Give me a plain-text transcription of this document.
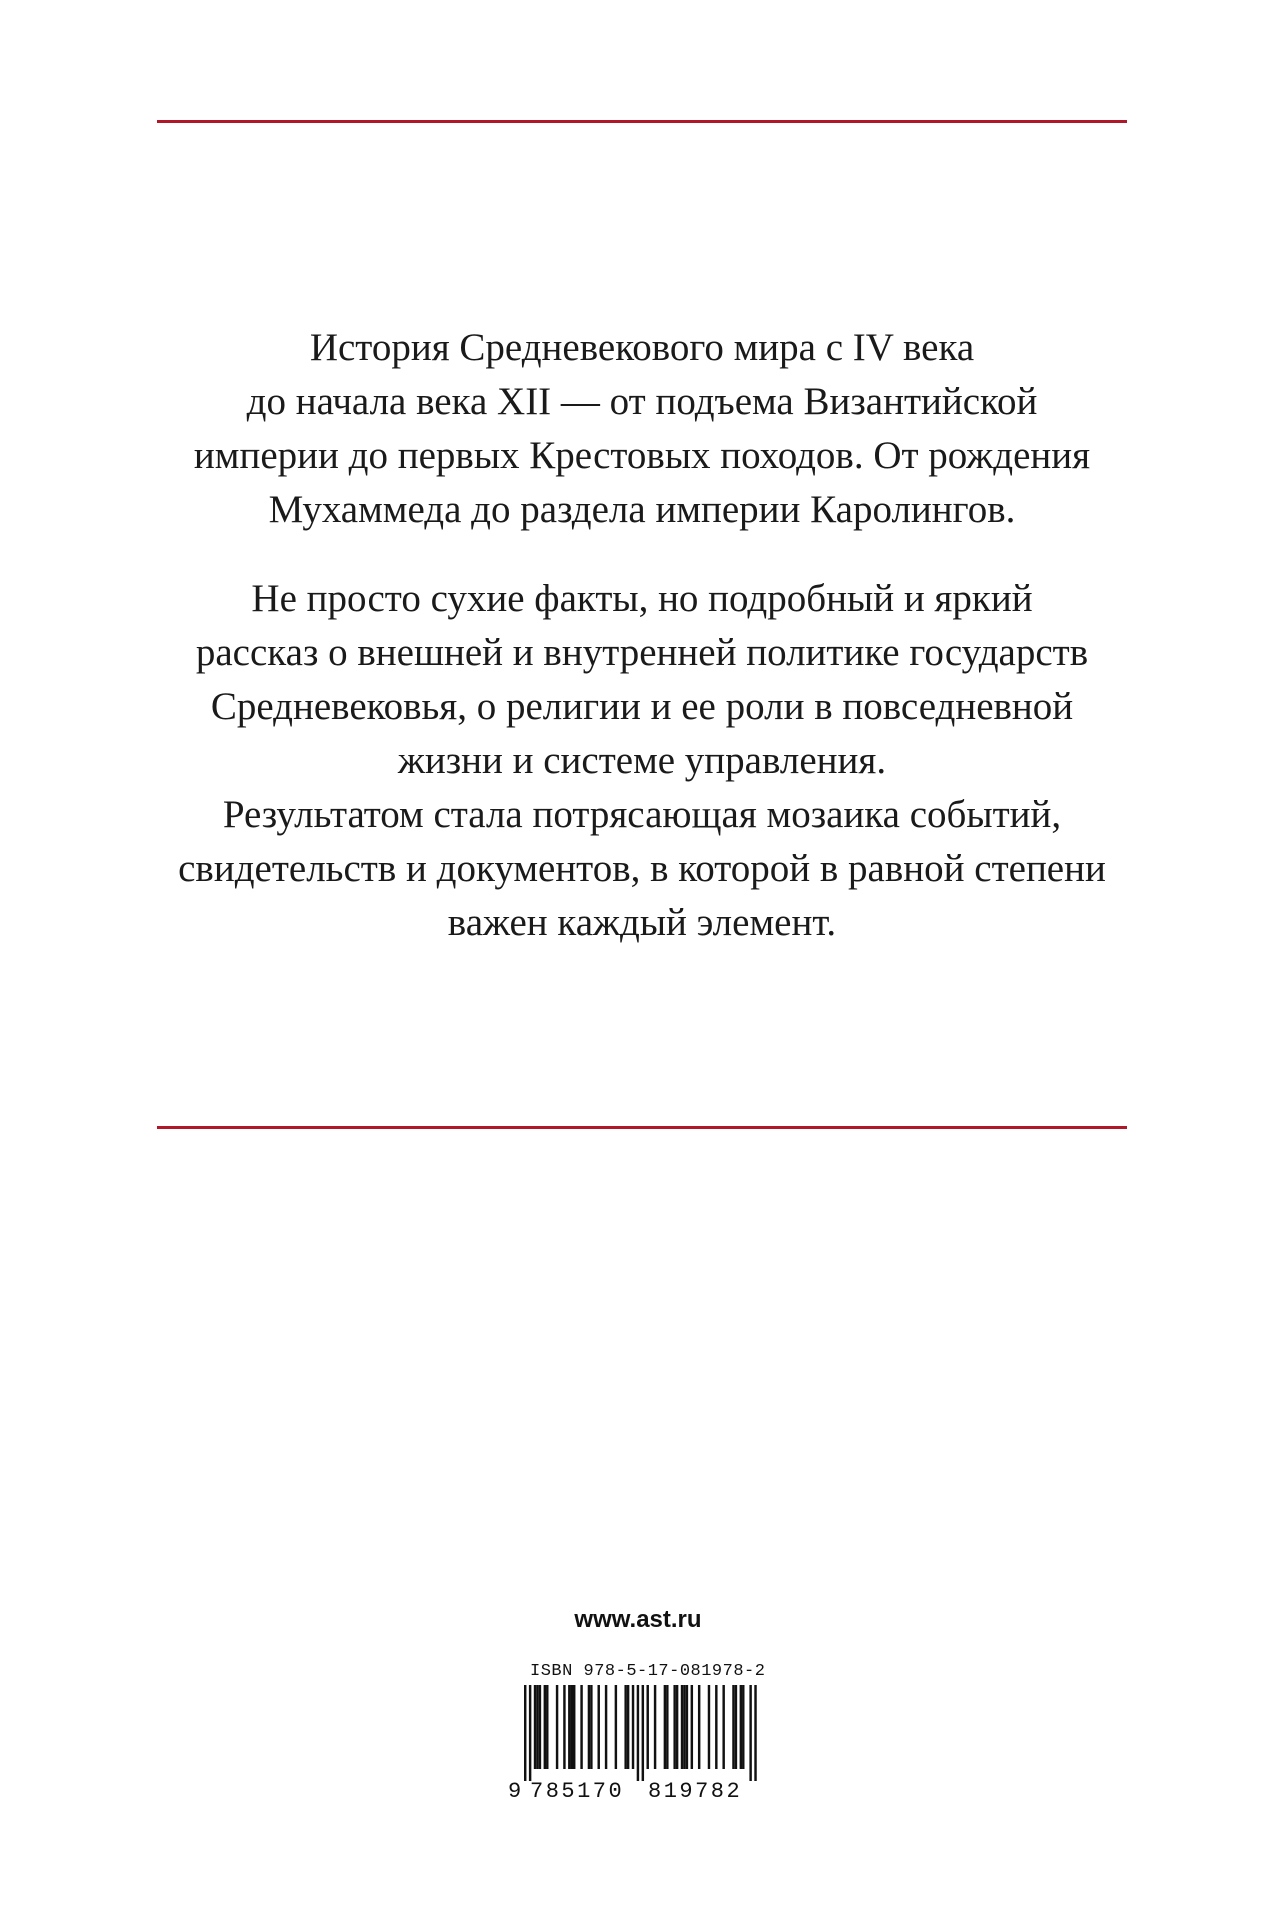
История Средневекового мира с IV века
до начала века XII — от подъема Византийской
империи до первых Крестовых походов. От рождения
Мухаммеда до раздела империи Каролингов.
Не просто сухие факты, но подробный и яркий
рассказ о внешней и внутренней политике государств
Средневековья, о религии и ее роли в повседневной
жизни и системе управления.
Результатом стала потрясающая мозаика событий,
свидетельств и документов, в которой в равной степени
важен каждый элемент.
www.ast.ru
ISBN 978-5-17-081978-2
9 785170 819782
